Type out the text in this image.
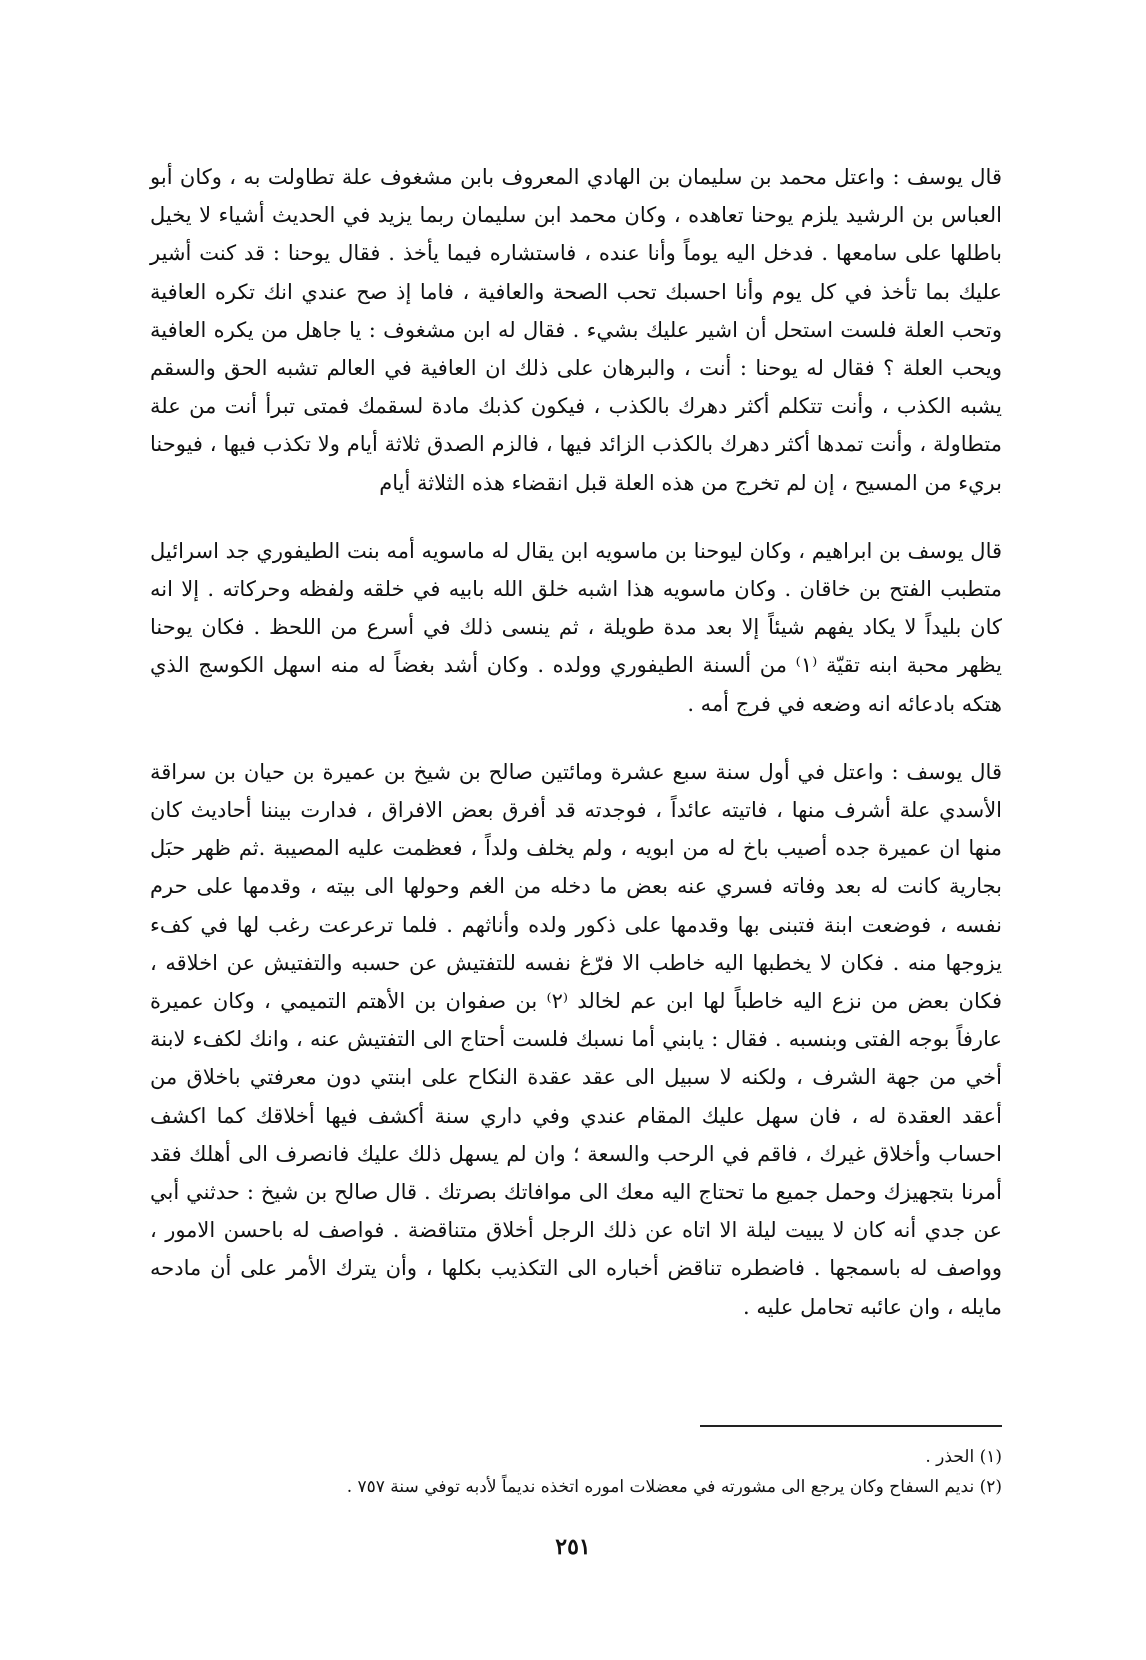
قال يوسف : واعتل محمد بن سليمان بن الهادي المعروف بابن مشغوف علة تطاولت به ، وكان أبو العباس بن الرشيد يلزم يوحنا تعاهده ، وكان محمد ابن سليمان ربما يزيد في الحديث أشياء لا يخيل باطلها على سامعها . فدخل اليه يوماً وأنا عنده ، فاستشاره فيما يأخذ . فقال يوحنا : قد كنت أشير عليك بما تأخذ في كل يوم وأنا احسبك تحب الصحة والعافية ، فاما إذ صح عندي انك تكره العافية وتحب العلة فلست استحل أن اشير عليك بشيء . فقال له ابن مشغوف : يا جاهل من يكره العافية ويحب العلة ؟ فقال له يوحنا : أنت ، والبرهان على ذلك ان العافية في العالم تشبه الحق والسقم يشبه الكذب ، وأنت تتكلم أكثر دهرك بالكذب ، فيكون كذبك مادة لسقمك فمتى تبرأ أنت من علة متطاولة ، وأنت تمدها أكثر دهرك بالكذب الزائد فيها ، فالزم الصدق ثلاثة أيام ولا تكذب فيها ، فيوحنا بريء من المسيح ، إن لم تخرج من هذه العلة قبل انقضاء هذه الثلاثة أيام

قال يوسف بن ابراهيم ، وكان ليوحنا بن ماسويه ابن يقال له ماسويه أمه بنت الطيفوري جد اسرائيل متطبب الفتح بن خاقان . وكان ماسويه هذا اشبه خلق الله بابيه في خلقه ولفظه وحركاته . إلا انه كان بليداً لا يكاد يفهم شيئاً إلا بعد مدة طويلة ، ثم ينسى ذلك في أسرع من اللحظ . فكان يوحنا يظهر محبة ابنه تقيّة ⁽١⁾ من ألسنة الطيفوري وولده . وكان أشد بغضاً له منه اسهل الكوسج الذي هتكه بادعائه انه وضعه في فرج أمه .

قال يوسف : واعتل في أول سنة سبع عشرة ومائتين صالح بن شيخ بن عميرة بن حيان بن سراقة الأسدي علة أشرف منها ، فاتيته عائداً ، فوجدته قد أفرق بعض الافراق ، فدارت بيننا أحاديث كان منها ان عميرة جده أصيب باخ له من ابويه ، ولم يخلف ولداً ، فعظمت عليه المصيبة .ثم ظهر حبَل بجارية كانت له بعد وفاته فسري عنه بعض ما دخله من الغم وحولها الى بيته ، وقدمها على حرم نفسه ، فوضعت ابنة فتبنى بها وقدمها على ذكور ولده وأناثهم . فلما ترعرعت رغب لها في كفء يزوجها منه . فكان لا يخطبها اليه خاطب الا فرّغ نفسه للتفتيش عن حسبه والتفتيش عن اخلاقه ، فكان بعض من نزع اليه خاطباً لها ابن عم لخالد ⁽٢⁾ بن صفوان بن الأهتم التميمي ، وكان عميرة عارفاً بوجه الفتى وبنسبه . فقال : يابني أما نسبك فلست أحتاج الى التفتيش عنه ، وانك لكفء لابنة أخي من جهة الشرف ، ولكنه لا سبيل الى عقد عقدة النكاح على ابنتي دون معرفتي باخلاق من أعقد العقدة له ، فان سهل عليك المقام عندي وفي داري سنة أكشف فيها أخلاقك كما اكشف احساب وأخلاق غيرك ، فاقم في الرحب والسعة ؛ وان لم يسهل ذلك عليك فانصرف الى أهلك فقد أمرنا بتجهيزك وحمل جميع ما تحتاج اليه معك الى موافاتك بصرتك . قال صالح بن شيخ : حدثني أبي عن جدي أنه كان لا يبيت ليلة الا اتاه عن ذلك الرجل أخلاق متناقضة . فواصف له باحسن الامور ، وواصف له باسمجها . فاضطره تناقض أخباره الى التكذيب بكلها ، وأن يترك الأمر على أن مادحه مايله ، وان عائبه تحامل عليه .

(١) الحذر .

(٢) نديم السفاح وكان يرجع الى مشورته في معضلات اموره اتخذه نديماً لأدبه توفي سنة ٧٥٧ .

٢٥١
